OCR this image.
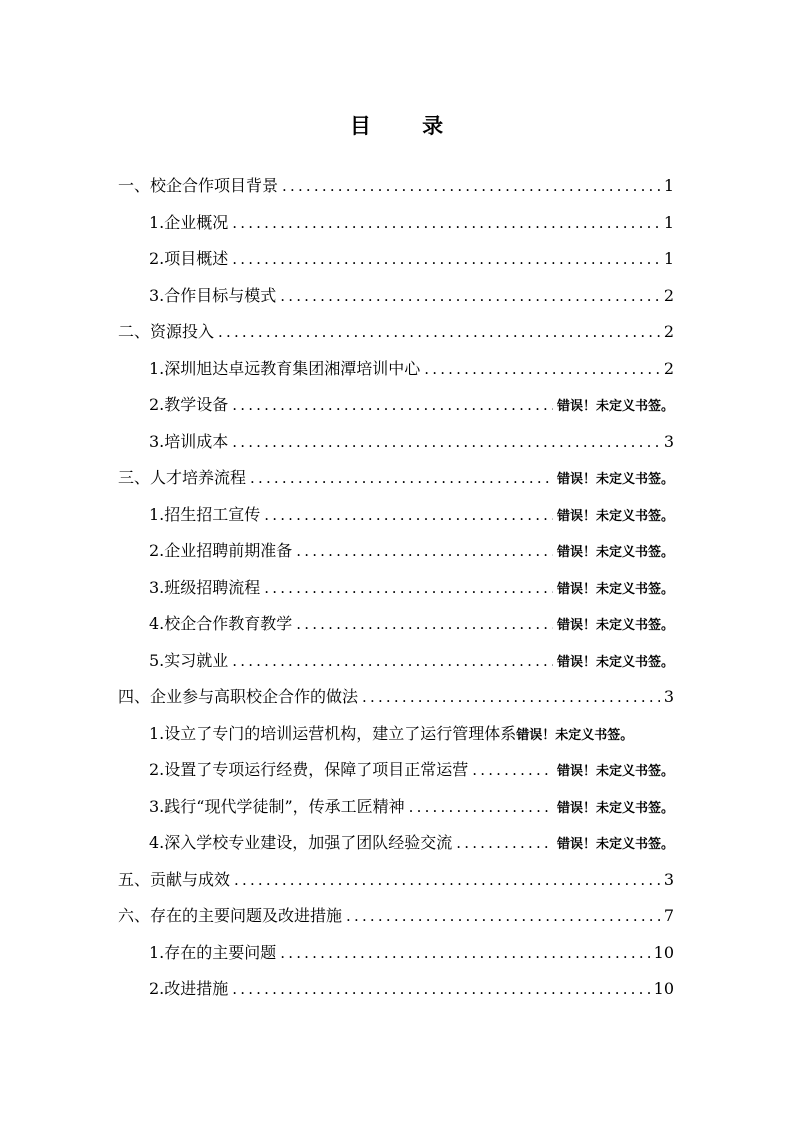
目 录
一、校企合作项目背景 .....	1
1.企业概况 .....	1
2.项目概述 .....	1
3.合作目标与模式 .....	2
二、资源投入 .....	2
1.深圳旭达卓远教育集团湘潭培训中心 .....	2
2.教学设备 .....	错误！未定义书签。
3.培训成本 .....	3
三、人才培养流程 .....	错误！未定义书签。
1.招生招工宣传 .....	错误！未定义书签。
2.企业招聘前期准备 .....	错误！未定义书签。
3.班级招聘流程 .....	错误！未定义书签。
4.校企合作教育教学 .....	错误！未定义书签。
5.实习就业 .....	错误！未定义书签。
四、企业参与高职校企合作的做法 .....	3
1.设立了专门的培训运营机构，建立了运行管理体系 错误！未定义书签。
2.设置了专项运行经费，保障了项目正常运营 .....	错误！未定义书签。
3.践行“现代学徒制”，传承工匠精神 .....	错误！未定义书签。
4.深入学校专业建设，加强了团队经验交流 .....	错误！未定义书签。
五、贡献与成效 .....	3
六、存在的主要问题及改进措施 .....	7
1.存在的主要问题 .....	10
2.改进措施 .....	10
